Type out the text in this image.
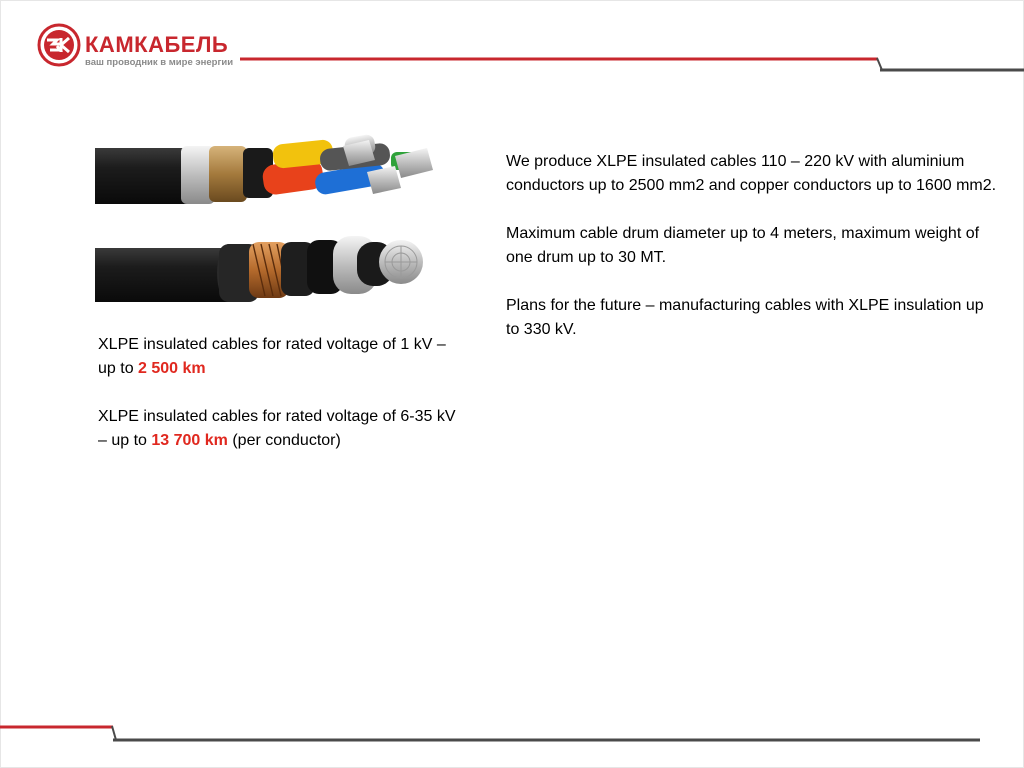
КАМКАБЕЛЬ
ваш проводник в мире энергии

XLPE insulated cables for rated voltage of 1 kV – up to 2 500 km

XLPE insulated cables for rated voltage of 6-35 kV – up to 13 700 km (per conductor)

We produce XLPE insulated cables 110 – 220 kV with aluminium conductors up to 2500 mm2 and copper conductors up to 1600 mm2.

Maximum cable drum diameter up to 4 meters, maximum weight of one drum up to 30 MT.

Plans for the future – manufacturing cables with XLPE insulation up to 330 kV.
